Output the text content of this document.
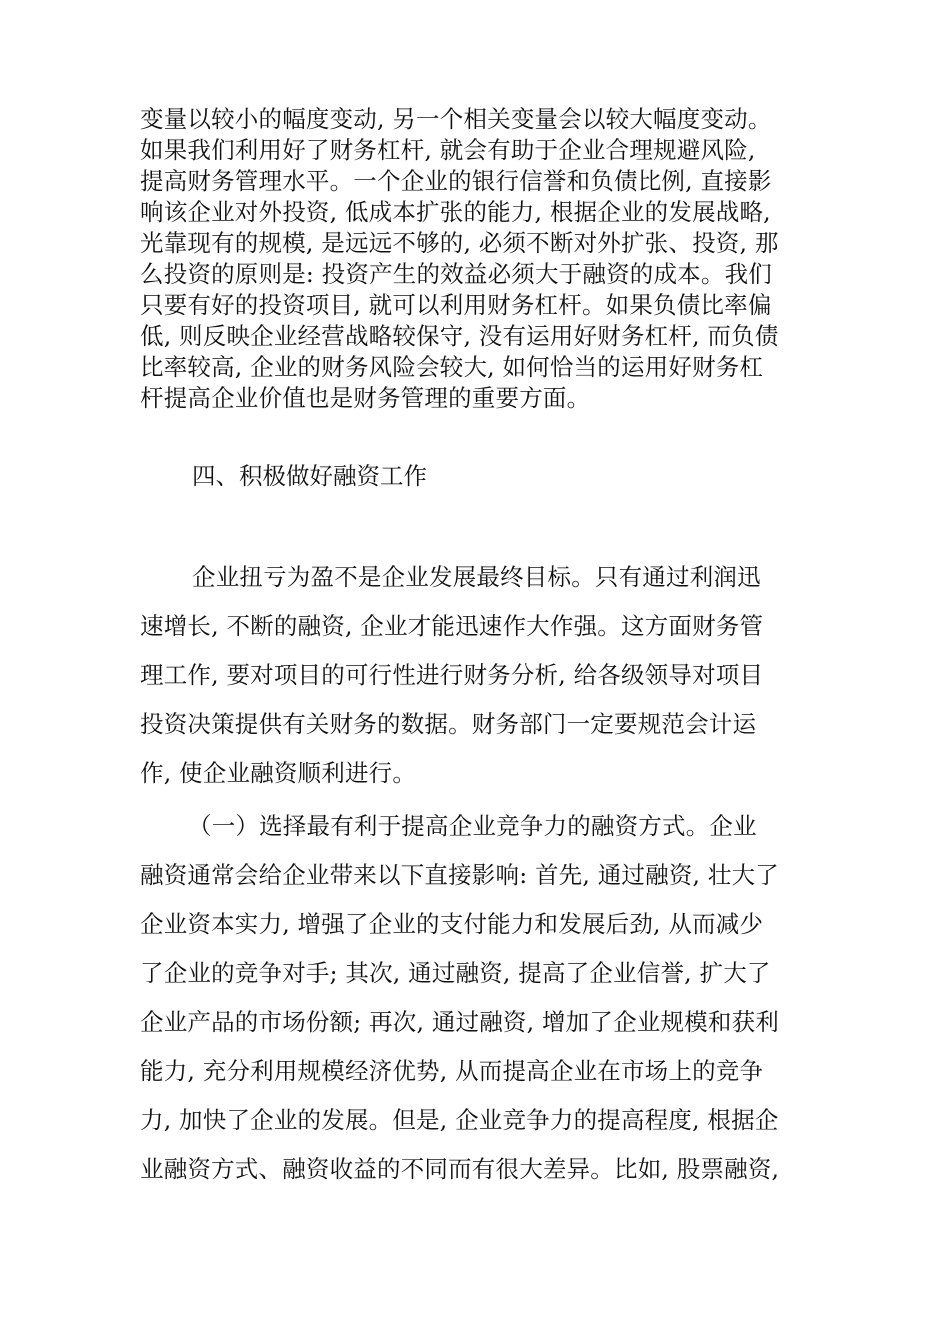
变量以较小的幅度变动, 另一个相关变量会以较大幅度变动。
如果我们利用好了财务杠杆, 就会有助于企业合理规避风险,
提高财务管理水平。一个企业的银行信誉和负债比例, 直接影
响该企业对外投资, 低成本扩张的能力, 根据企业的发展战略,
光靠现有的规模, 是远远不够的, 必须不断对外扩张、投资, 那
么投资的原则是: 投资产生的效益必须大于融资的成本。我们
只要有好的投资项目, 就可以利用财务杠杆。如果负债比率偏
低, 则反映企业经营战略较保守, 没有运用好财务杠杆, 而负债
比率较高, 企业的财务风险会较大, 如何恰当的运用好财务杠
杆提高企业价值也是财务管理的重要方面。
四、积极做好融资工作
企业扭亏为盈不是企业发展最终目标。只有通过利润迅
速增长, 不断的融资, 企业才能迅速作大作强。这方面财务管
理工作, 要对项目的可行性进行财务分析, 给各级领导对项目
投资决策提供有关财务的数据。财务部门一定要规范会计运
作, 使企业融资顺利进行。
（一）选择最有利于提高企业竞争力的融资方式。企业
融资通常会给企业带来以下直接影响: 首先, 通过融资, 壮大了
企业资本实力, 增强了企业的支付能力和发展后劲, 从而减少
了企业的竞争对手; 其次, 通过融资, 提高了企业信誉, 扩大了
企业产品的市场份额; 再次, 通过融资, 增加了企业规模和获利
能力, 充分利用规模经济优势, 从而提高企业在市场上的竞争
力, 加快了企业的发展。但是, 企业竞争力的提高程度, 根据企
业融资方式、融资收益的不同而有很大差异。比如, 股票融资,
